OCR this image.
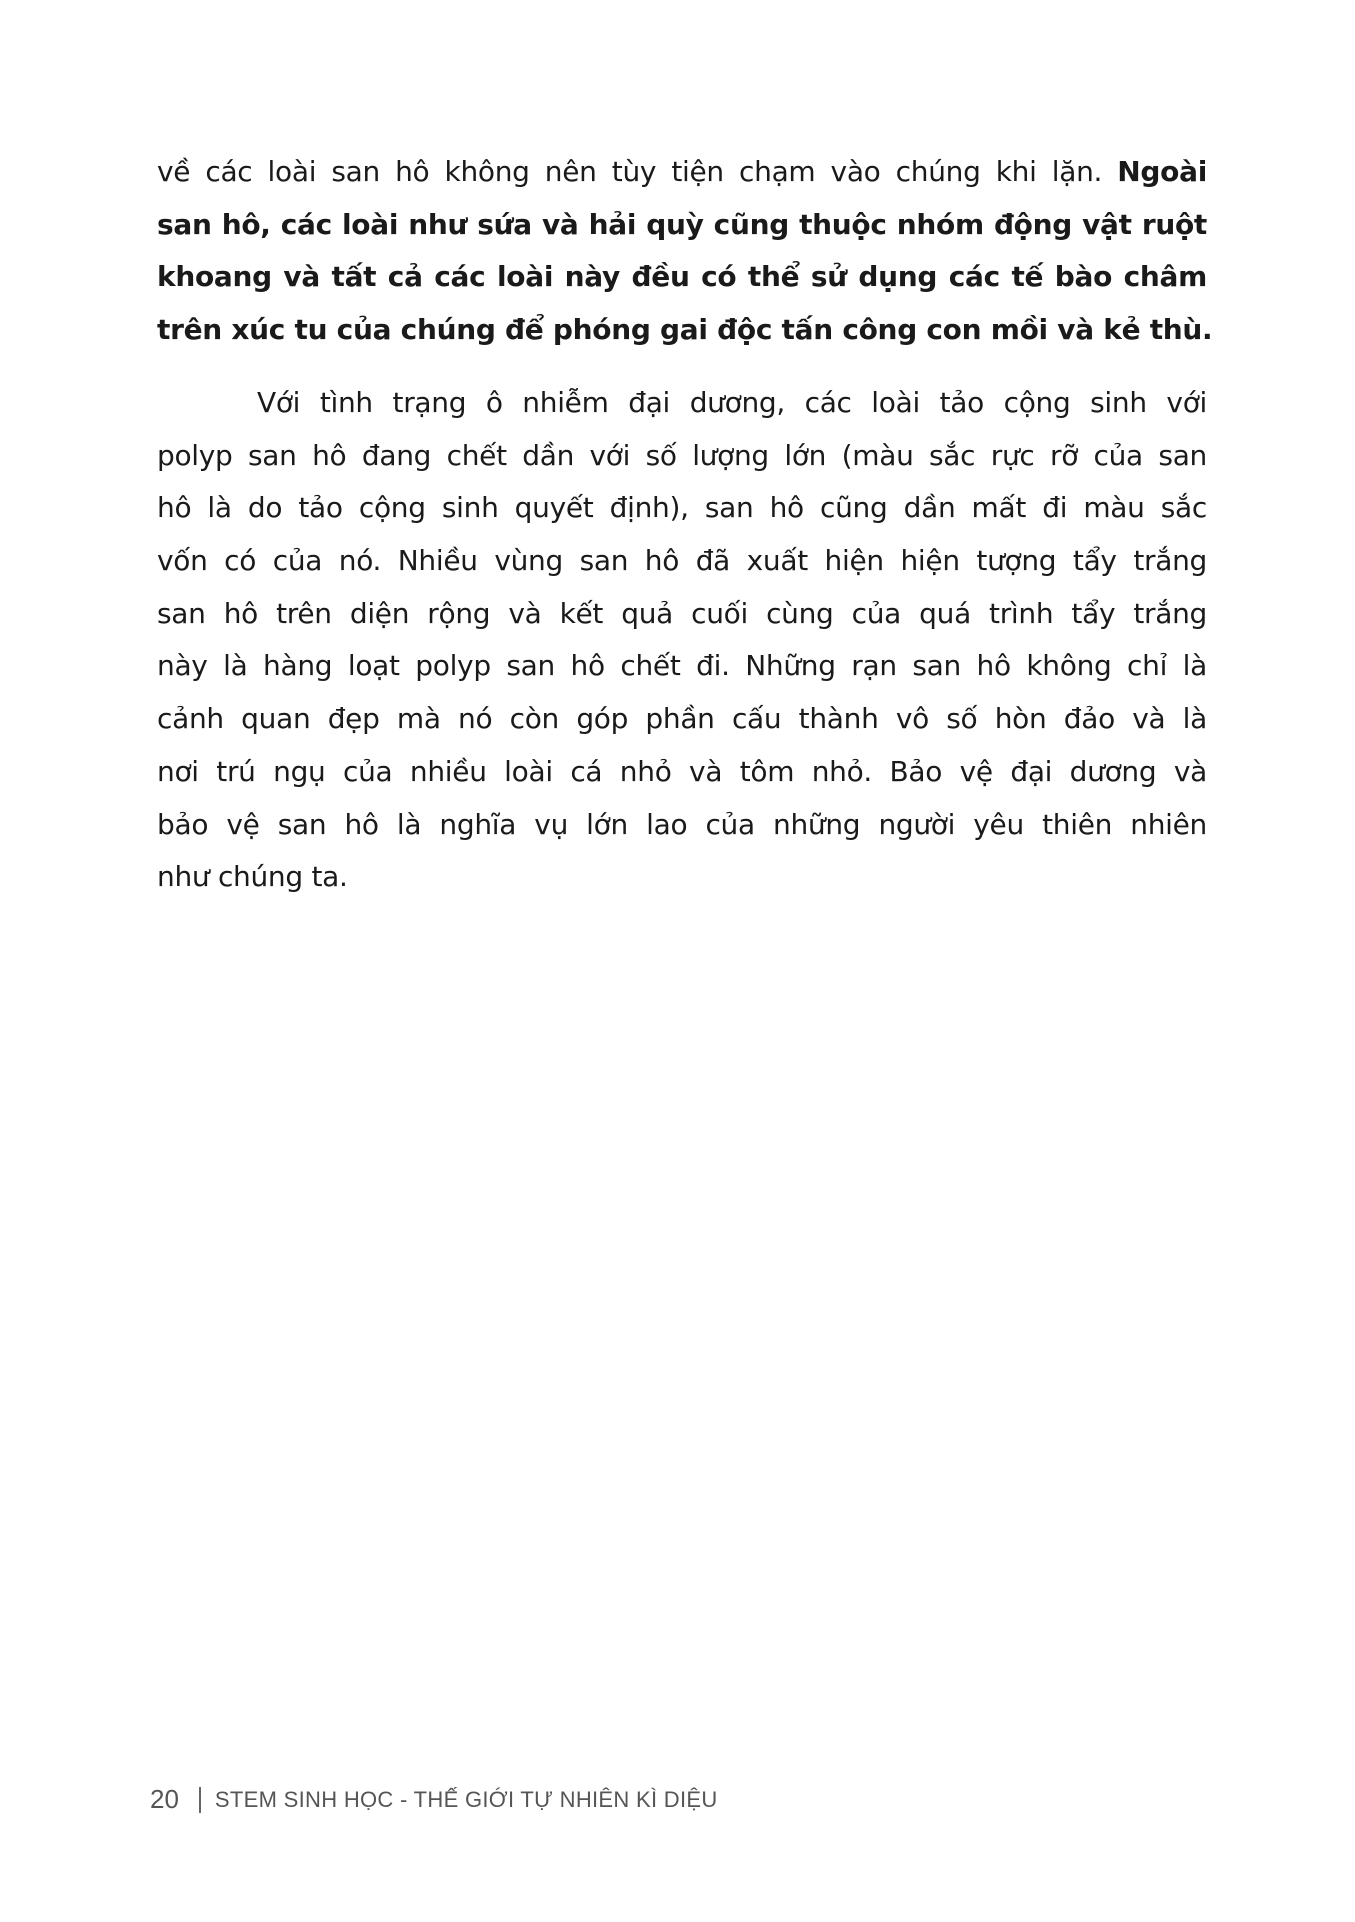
về các loài san hô không nên tùy tiện chạm vào chúng khi lặn. Ngoài
san hô, các loài như sứa và hải quỳ cũng thuộc nhóm động vật ruột
khoang và tất cả các loài này đều có thể sử dụng các tế bào châm
trên xúc tu của chúng để phóng gai độc tấn công con mồi và kẻ thù.
Với tình trạng ô nhiễm đại dương, các loài tảo cộng sinh với
polyp san hô đang chết dần với số lượng lớn (màu sắc rực rỡ của san
hô là do tảo cộng sinh quyết định), san hô cũng dần mất đi màu sắc
vốn có của nó. Nhiều vùng san hô đã xuất hiện hiện tượng tẩy trắng
san hô trên diện rộng và kết quả cuối cùng của quá trình tẩy trắng
này là hàng loạt polyp san hô chết đi. Những rạn san hô không chỉ là
cảnh quan đẹp mà nó còn góp phần cấu thành vô số hòn đảo và là
nơi trú ngụ của nhiều loài cá nhỏ và tôm nhỏ. Bảo vệ đại dương và
bảo vệ san hô là nghĩa vụ lớn lao của những người yêu thiên nhiên
như chúng ta.
20 STEM SINH HỌC - THẾ GIỚI TỰ NHIÊN KÌ DIỆU
